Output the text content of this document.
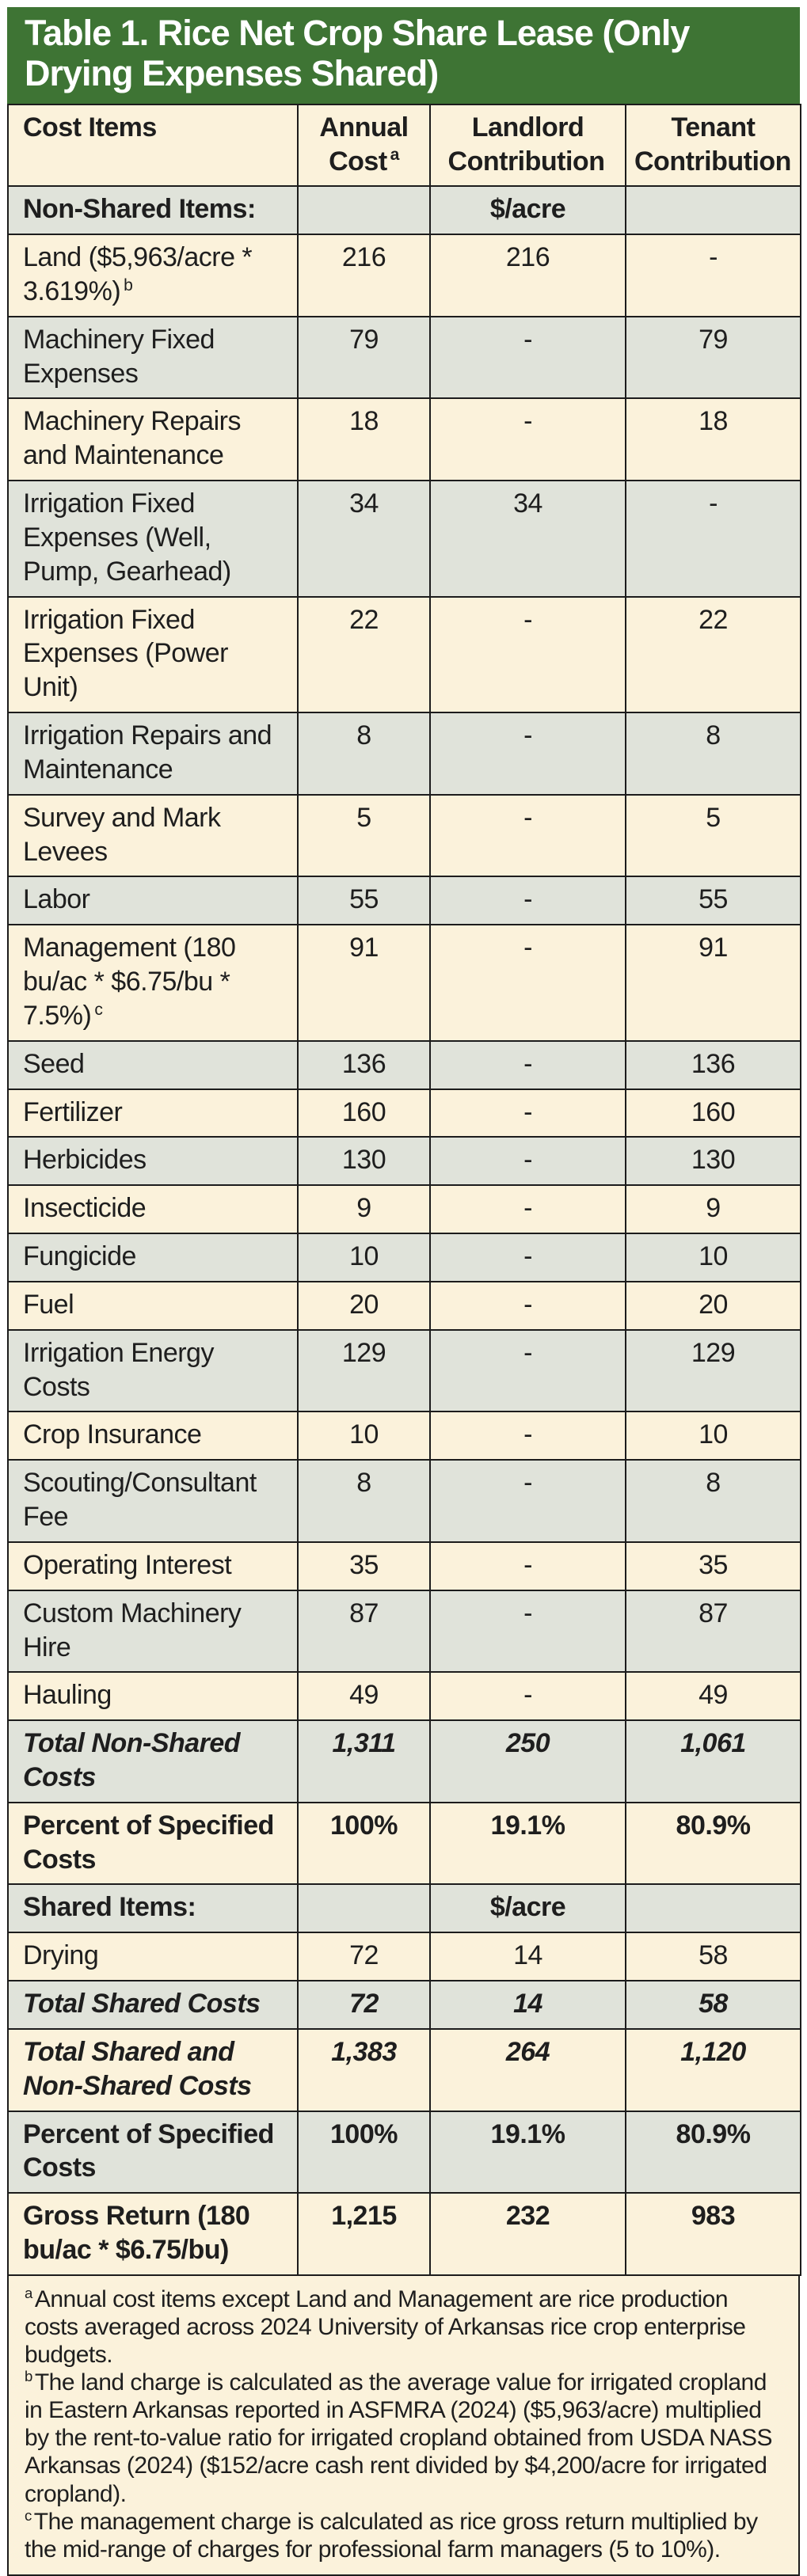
Table 1. Rice Net Crop Share Lease (Only Drying Expenses Shared)
Cost Items	Annual Cost $^a$	Landlord Contribution	Tenant Contribution
Non-Shared Items:		$/acre	
Land ($5,963/acre * 3.619%) $^b$	216	216	-
Machinery Fixed Expenses	79	-	79
Machinery Repairs and Maintenance	18	-	18
Irrigation Fixed Expenses (Well, Pump, Gearhead)	34	34	-
Irrigation Fixed Expenses (Power Unit)	22	-	22
Irrigation Repairs and Maintenance	8	-	8
Survey and Mark Levees	5	-	5
Labor	55	-	55
Management (180 bu/ac * $6.75/bu * 7.5%) $^c$	91	-	91
Seed	136	-	136
Fertilizer	160	-	160
Herbicides	130	-	130
Insecticide	9	-	9
Fungicide	10	-	10
Fuel	20	-	20
Irrigation Energy Costs	129	-	129
Crop Insurance	10	-	10
Scouting/Consultant Fee	8	-	8
Operating Interest	35	-	35
Custom Machinery Hire	87	-	87
Hauling	49	-	49
Total Non-Shared Costs	1,311	250	1,061
Percent of Specified Costs	100%	19.1%	80.9%
Shared Items:		$/acre	
Drying	72	14	58
Total Shared Costs	72	14	58
Total Shared and Non-Shared Costs	1,383	264	1,120
Percent of Specified Costs	100%	19.1%	80.9%
Gross Return (180 bu/ac * $6.75/bu)	1,215	232	983

$^a$ Annual cost items except Land and Management are rice production costs averaged across 2024 University of Arkansas rice crop enterprise budgets.

$^b$ The land charge is calculated as the average value for irrigated cropland in Eastern Arkansas reported in ASFMRA (2024) ($5,963/acre) multiplied by the rent-to-value ratio for irrigated cropland obtained from USDA NASS Arkansas (2024) ($152/acre cash rent divided by $4,200/acre for irrigated cropland).

$^c$ The management charge is calculated as rice gross return multiplied by the mid-range of charges for professional farm managers (5 to 10%).
